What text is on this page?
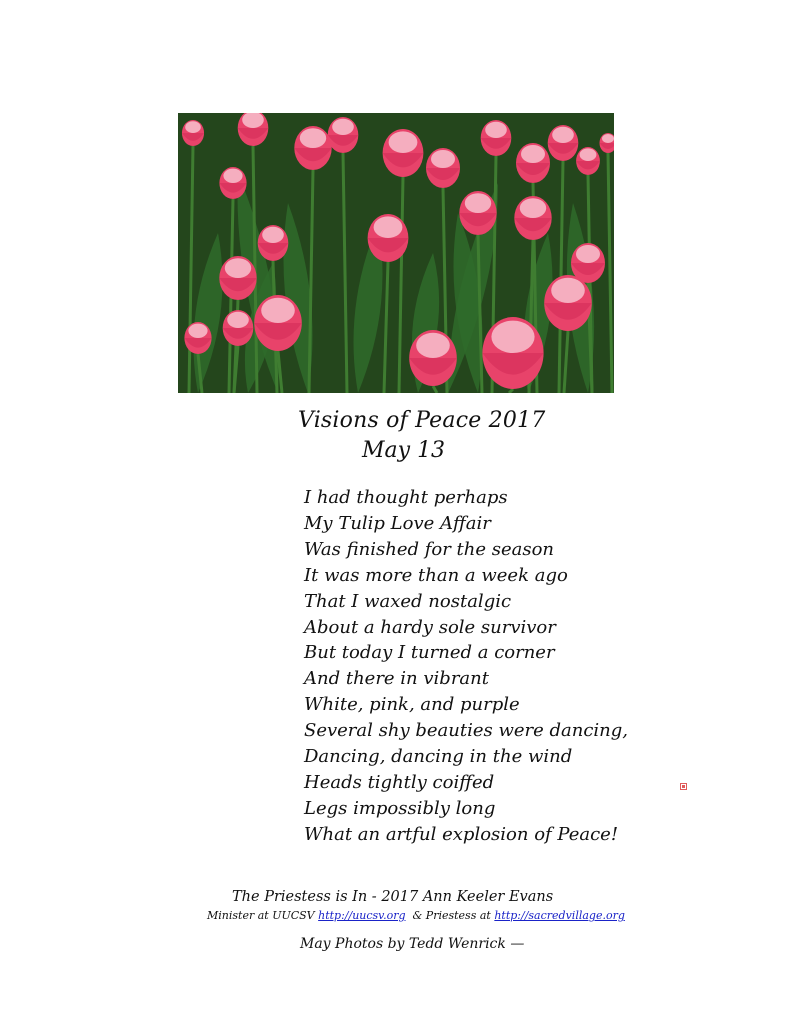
Visions of Peace 2017
May 13
I had thought perhaps
My Tulip Love Affair
Was finished for the season
It was more than a week ago
That I waxed nostalgic
About a hardy sole survivor
But today I turned a corner
And there in vibrant
White, pink, and purple
Several shy beauties were dancing,
Dancing, dancing in the wind
Heads tightly coiffed
Legs impossibly long
What an artful explosion of Peace!
The Priestess is In - 2017 Ann Keeler Evans
Minister at UUCSV http://uucsv.org  & Priestess at http://sacredvillage.org
May Photos by Tedd Wenrick —
